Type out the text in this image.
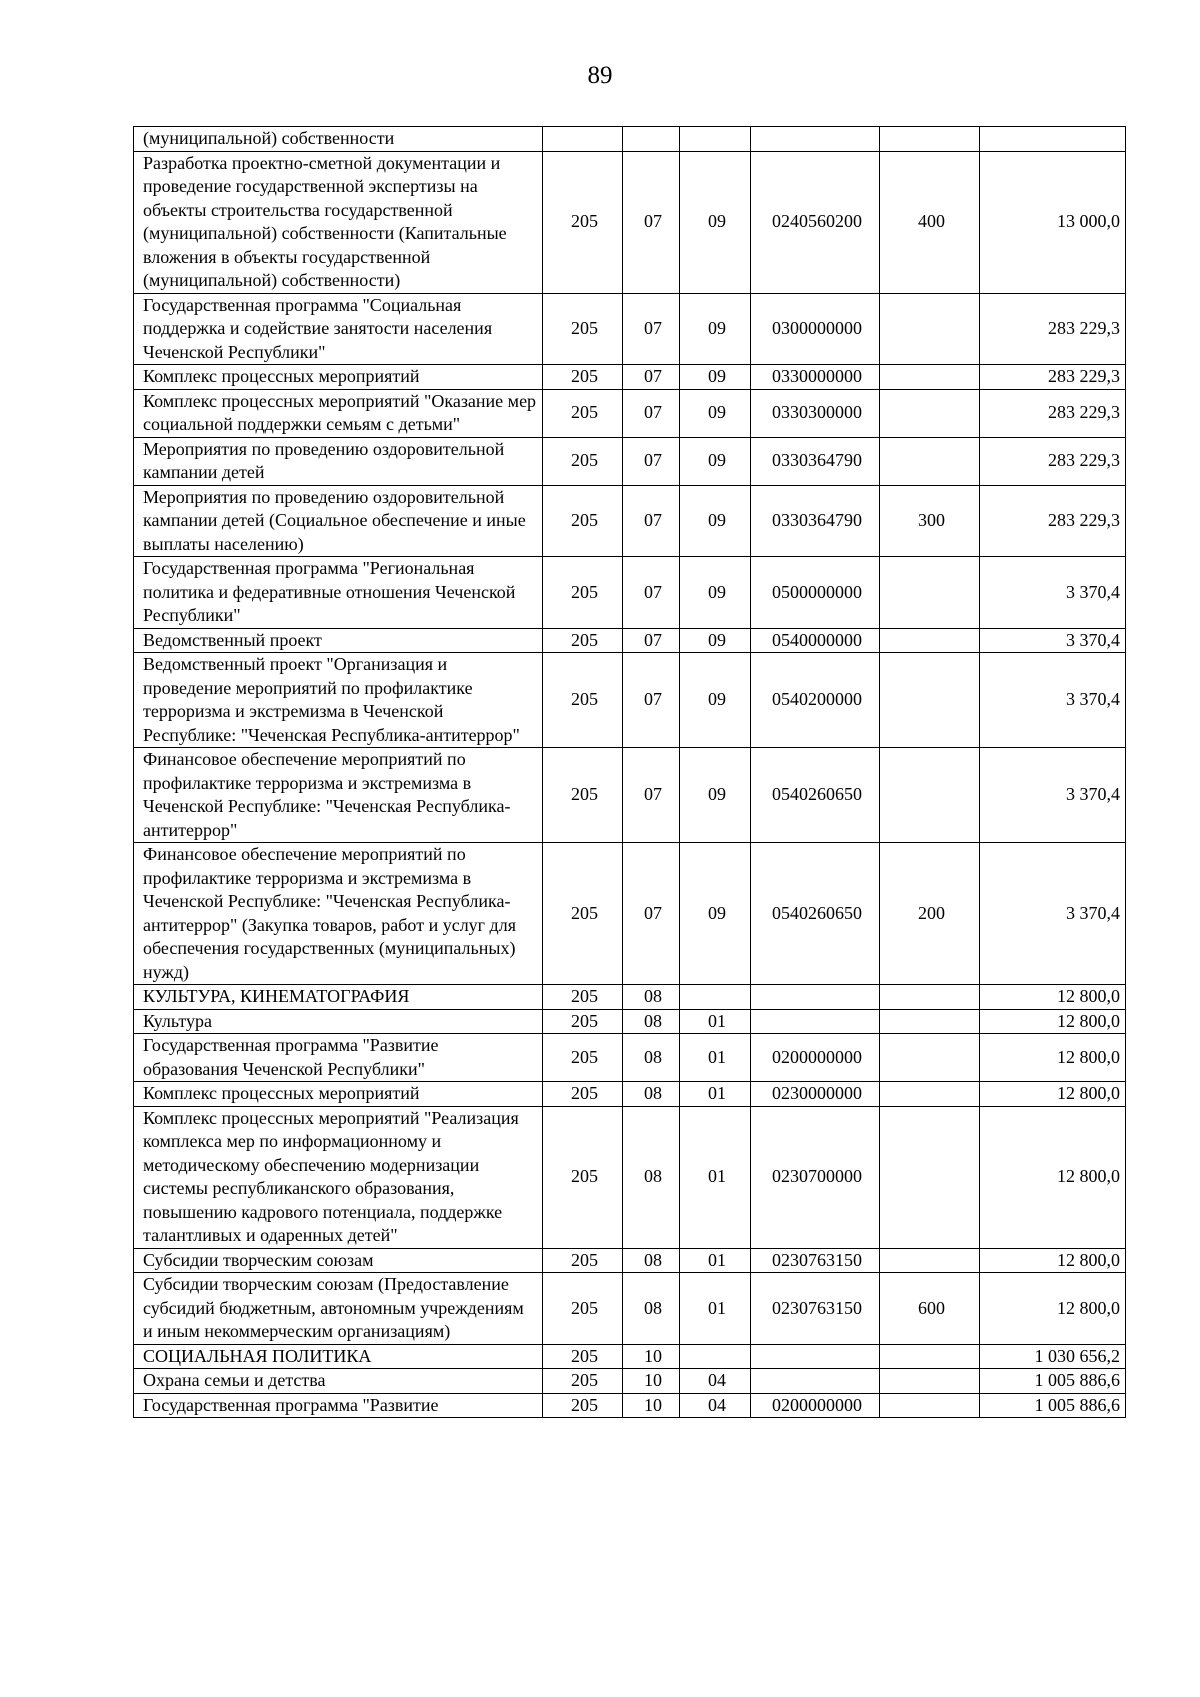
89
(муниципальной) собственности						
Разработка проектно-сметной документации и проведение государственной экспертизы на объекты строительства государственной (муниципальной) собственности (Капитальные вложения в объекты государственной (муниципальной) собственности)	205	07	09	0240560200	400	13 000,0
Государственная программа "Социальная поддержка и содействие занятости населения Чеченской Республики"	205	07	09	0300000000		283 229,3
Комплекс процессных мероприятий	205	07	09	0330000000		283 229,3
Комплекс процессных мероприятий "Оказание мер социальной поддержки семьям с детьми"	205	07	09	0330300000		283 229,3
Мероприятия по проведению оздоровительной кампании детей	205	07	09	0330364790		283 229,3
Мероприятия по проведению оздоровительной кампании детей (Социальное обеспечение и иные выплаты населению)	205	07	09	0330364790	300	283 229,3
Государственная программа "Региональная политика и федеративные отношения Чеченской Республики"	205	07	09	0500000000		3 370,4
Ведомственный проект	205	07	09	0540000000		3 370,4
Ведомственный проект "Организация и проведение мероприятий по профилактике терроризма и экстремизма в Чеченской Республике: "Чеченская Республика-антитеррор"	205	07	09	0540200000		3 370,4
Финансовое обеспечение мероприятий по профилактике терроризма и экстремизма в Чеченской Республике: "Чеченская Республика-антитеррор"	205	07	09	0540260650		3 370,4
Финансовое обеспечение мероприятий по профилактике терроризма и экстремизма в Чеченской Республике: "Чеченская Республика-антитеррор" (Закупка товаров, работ и услуг для обеспечения государственных (муниципальных) нужд)	205	07	09	0540260650	200	3 370,4
КУЛЬТУРА, КИНЕМАТОГРАФИЯ	205	08				12 800,0
Культура	205	08	01			12 800,0
Государственная программа "Развитие образования Чеченской Республики"	205	08	01	0200000000		12 800,0
Комплекс процессных мероприятий	205	08	01	0230000000		12 800,0
Комплекс процессных мероприятий "Реализация комплекса мер по информационному и методическому обеспечению модернизации системы республиканского образования, повышению кадрового потенциала, поддержке талантливых и одаренных детей"	205	08	01	0230700000		12 800,0
Субсидии творческим союзам	205	08	01	0230763150		12 800,0
Субсидии творческим союзам (Предоставление субсидий бюджетным, автономным учреждениям и иным некоммерческим организациям)	205	08	01	0230763150	600	12 800,0
СОЦИАЛЬНАЯ ПОЛИТИКА	205	10				1 030 656,2
Охрана семьи и детства	205	10	04			1 005 886,6
Государственная программа "Развитие	205	10	04	0200000000		1 005 886,6
